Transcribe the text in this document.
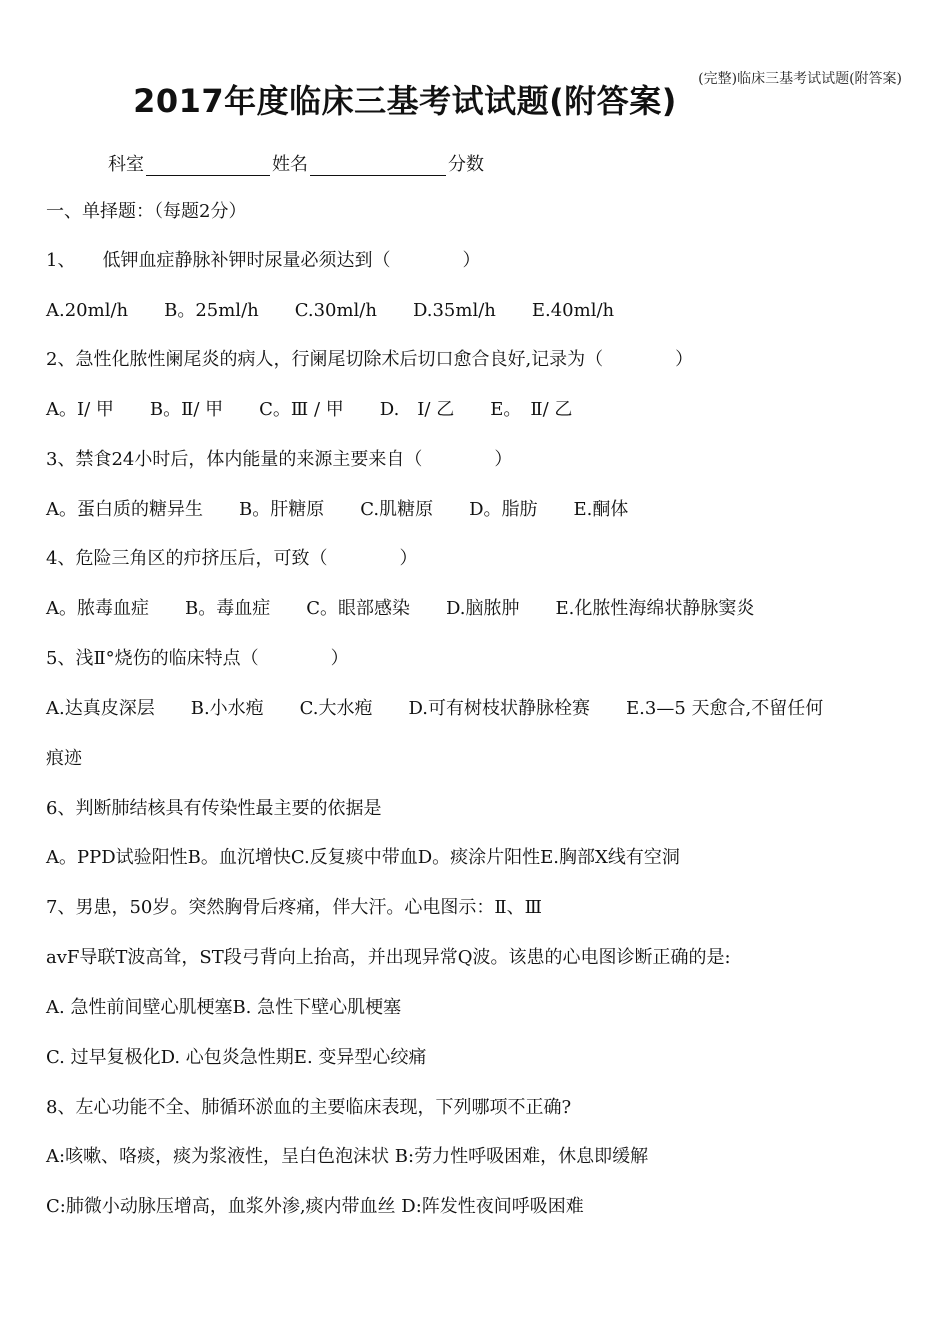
(完整)临床三基考试试题(附答案)
2017年度临床三基考试试题(附答案)
科室	姓名	分数
一、单择题：（每题2分）
1、　　低钾血症静脉补钾时尿量必须达到（　　　　）
A.20ml/h　　B。25ml/h　　C.30ml/h　　D.35ml/h　　E.40ml/h
2、急性化脓性阑尾炎的病人，行阑尾切除术后切口愈合良好,记录为（　　　　）
A。Ⅰ/ 甲　　B。Ⅱ/ 甲　　C。Ⅲ / 甲　　D.　Ⅰ/ 乙　　E。　Ⅱ/ 乙
3、禁食24小时后，体内能量的来源主要来自（　　　　）
A。蛋白质的糖异生　　B。肝糖原　　C.肌糖原　　D。脂肪　　E.酮体
4、危险三角区的疖挤压后，可致（　　　　）
A。脓毒血症　　B。毒血症　　C。眼部感染　　D.脑脓肿　　E.化脓性海绵状静脉窦炎
5、浅Ⅱ°烧伤的临床特点（　　　　）
A.达真皮深层　　B.小水疱　　C.大水疱　　D.可有树枝状静脉栓赛　　E.3—5 天愈合,不留任何
痕迹
6、判断肺结核具有传染性最主要的依据是
A。PPD试验阳性B。血沉增快C.反复痰中带血D。痰涂片阳性E.胸部X线有空洞
7、男患，50岁。突然胸骨后疼痛，伴大汗。心电图示：Ⅱ、Ⅲ
avF导联T波高耸，ST段弓背向上抬高，并出现异常Q波。该患的心电图诊断正确的是:
A. 急性前间壁心肌梗塞B. 急性下壁心肌梗塞
C. 过早复极化D. 心包炎急性期E. 变异型心绞痛
8、左心功能不全、肺循环淤血的主要临床表现，下列哪项不正确?
A:咳嗽、咯痰，痰为浆液性，呈白色泡沫状 B:劳力性呼吸困难，休息即缓解
C:肺微小动脉压增高，血浆外渗,痰内带血丝 D:阵发性夜间呼吸困难
